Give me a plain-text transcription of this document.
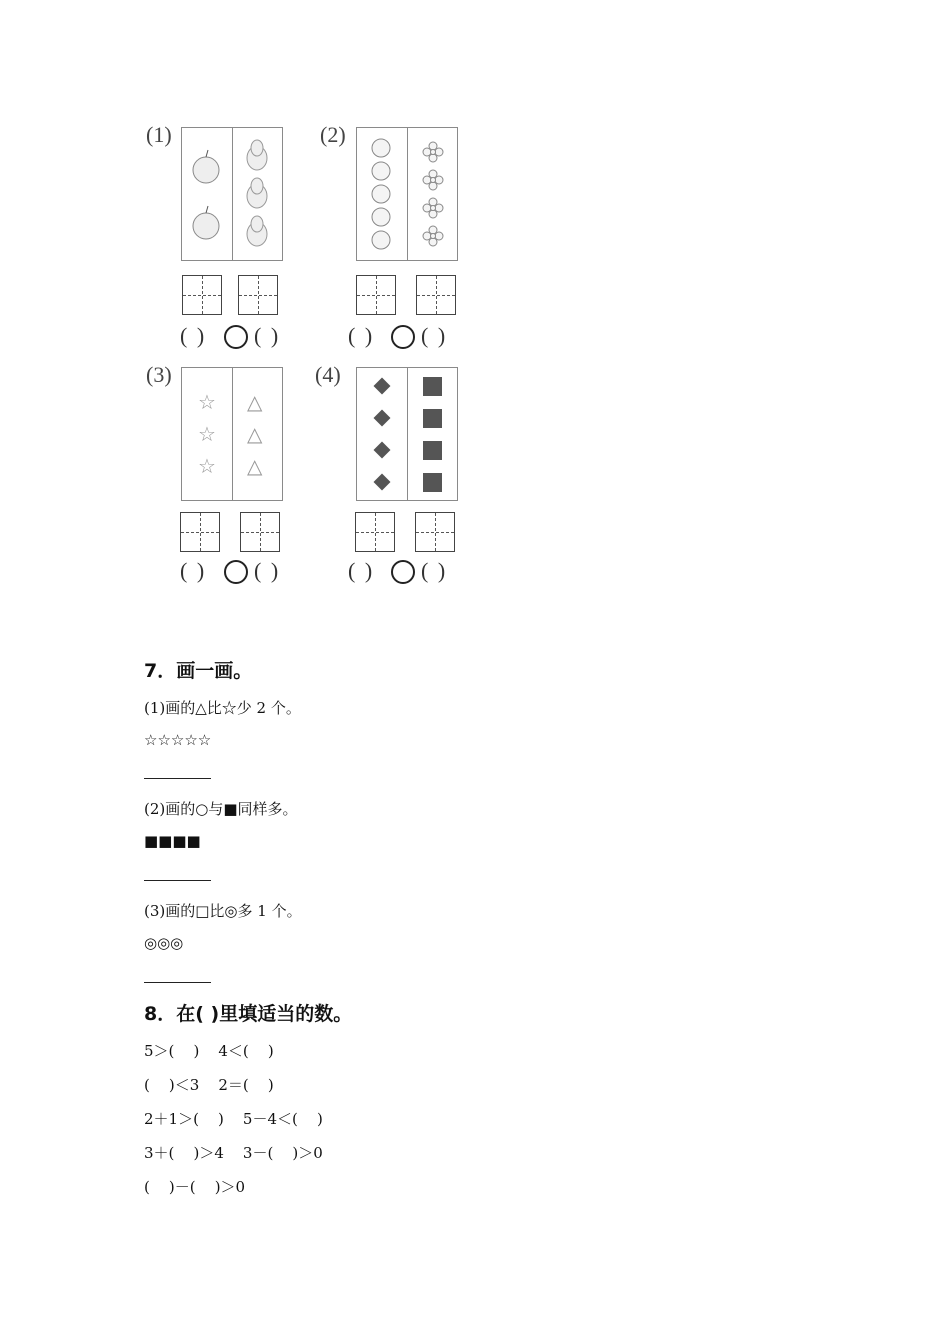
(1)
( ) ( )
(2)
( ) ( )
(3)
☆
☆
☆
△
△
△
( ) ( )
(4)
( ) ( )
7．画一画。
(1)画的△比☆少 2 个。
☆☆☆☆☆
(2)画的○与■同样多。
■■■■
(3)画的□比◎多 1 个。
◎◎◎
8．在( )里填适当的数。
5＞(    )    4＜(    )
(    )＜3    2＝(    )
2＋1＞(    )    5－4＜(    )
3＋(    )＞4    3－(    )＞0
(    )－(    )＞0
